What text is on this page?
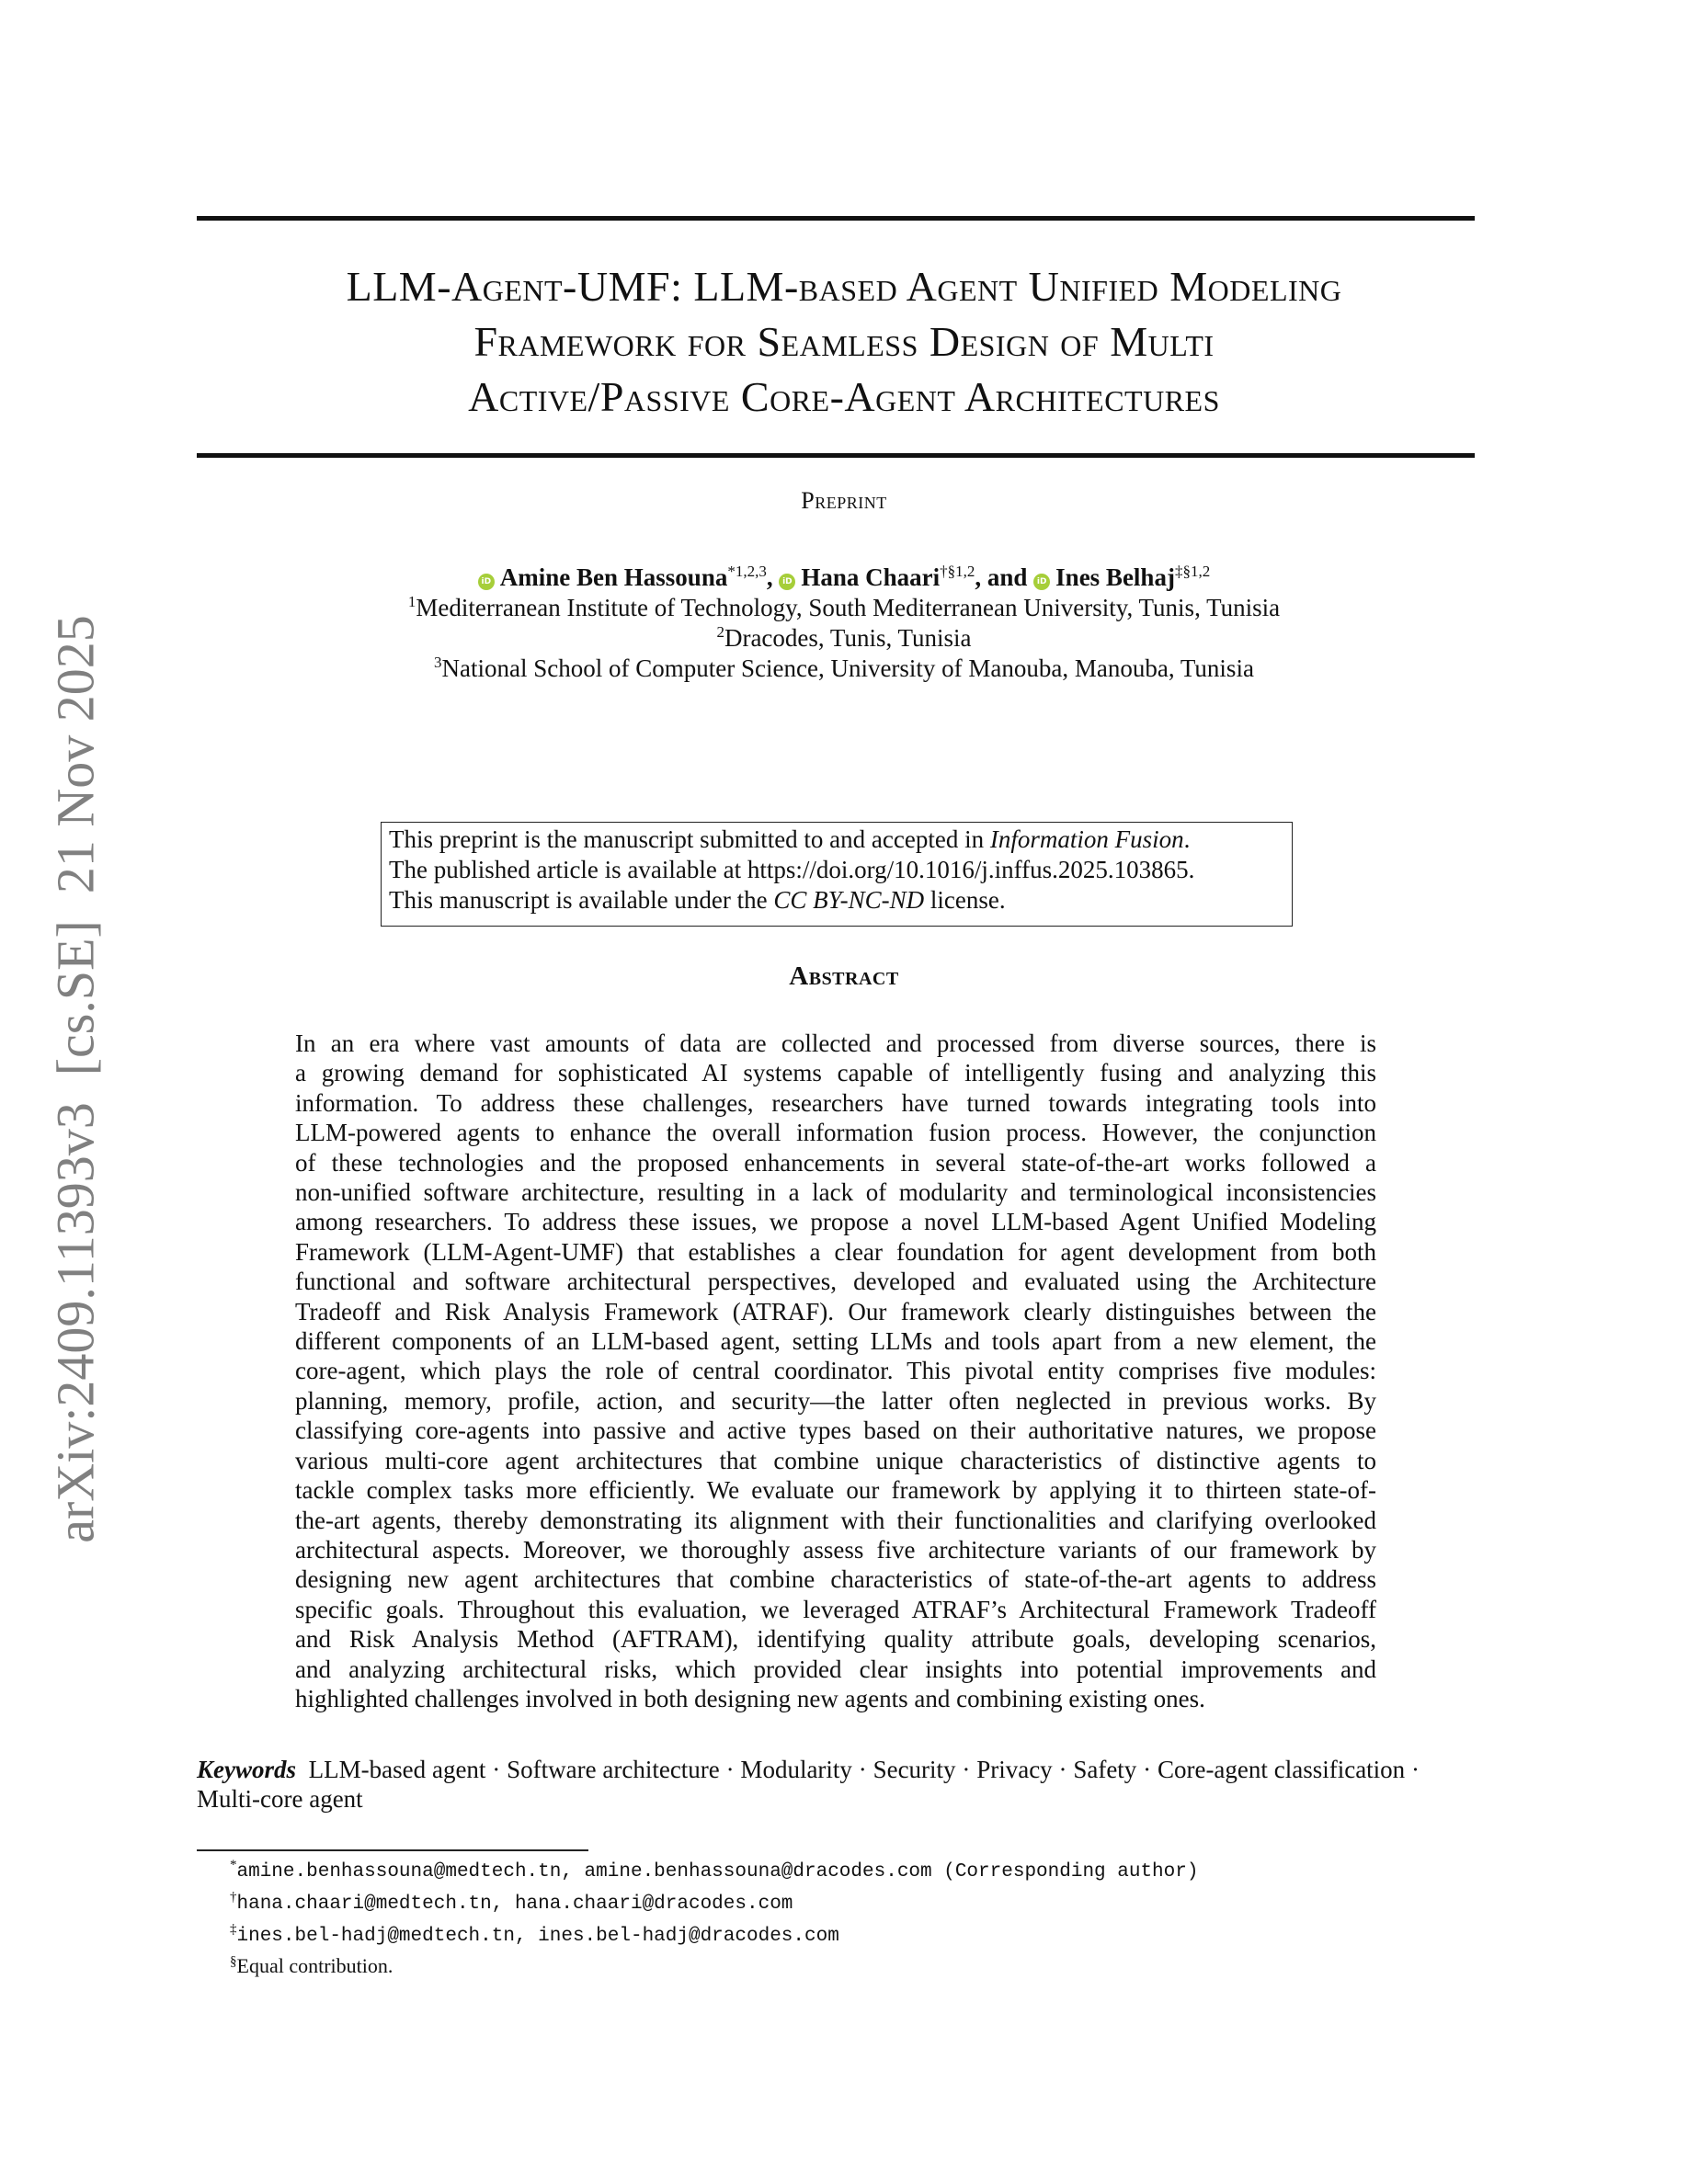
arXiv:2409.11393v3  [cs.SE]  21 Nov 2025
LLM-Agent-UMF: LLM-based Agent Unified Modeling
Framework for Seamless Design of Multi
Active/Passive Core-Agent Architectures
Preprint
iD Amine Ben Hassouna$^{*1,2,3}$, iD Hana Chaari$^{\dagger\S 1,2}$, and iD Ines Belhaj$^{\ddagger\S 1,2}$
$^1$Mediterranean Institute of Technology, South Mediterranean University, Tunis, Tunisia
$^2$Dracodes, Tunis, Tunisia
$^3$National School of Computer Science, University of Manouba, Manouba, Tunisia
This preprint is the manuscript submitted to and accepted in Information Fusion.
The published article is available at https://doi.org/10.1016/j.inffus.2025.103865.
This manuscript is available under the CC BY-NC-ND license.
Abstract
In an era where vast amounts of data are collected and processed from diverse sources, there is
a growing demand for sophisticated AI systems capable of intelligently fusing and analyzing this
information. To address these challenges, researchers have turned towards integrating tools into
LLM-powered agents to enhance the overall information fusion process. However, the conjunction
of these technologies and the proposed enhancements in several state-of-the-art works followed a
non-unified software architecture, resulting in a lack of modularity and terminological inconsistencies
among researchers. To address these issues, we propose a novel LLM-based Agent Unified Modeling
Framework (LLM-Agent-UMF) that establishes a clear foundation for agent development from both
functional and software architectural perspectives, developed and evaluated using the Architecture
Tradeoff and Risk Analysis Framework (ATRAF). Our framework clearly distinguishes between the
different components of an LLM-based agent, setting LLMs and tools apart from a new element, the
core-agent, which plays the role of central coordinator. This pivotal entity comprises five modules:
planning, memory, profile, action, and security—the latter often neglected in previous works. By
classifying core-agents into passive and active types based on their authoritative natures, we propose
various multi-core agent architectures that combine unique characteristics of distinctive agents to
tackle complex tasks more efficiently. We evaluate our framework by applying it to thirteen state-of-
the-art agents, thereby demonstrating its alignment with their functionalities and clarifying overlooked
architectural aspects. Moreover, we thoroughly assess five architecture variants of our framework by
designing new agent architectures that combine characteristics of state-of-the-art agents to address
specific goals. Throughout this evaluation, we leveraged ATRAF’s Architectural Framework Tradeoff
and Risk Analysis Method (AFTRAM), identifying quality attribute goals, developing scenarios,
and analyzing architectural risks, which provided clear insights into potential improvements and
highlighted challenges involved in both designing new agents and combining existing ones.
Keywords LLM-based agent · Software architecture · Modularity · Security · Privacy · Safety · Core-agent classification · Multi-core agent
*amine.benhassouna@medtech.tn, amine.benhassouna@dracodes.com (Corresponding author)
†hana.chaari@medtech.tn, hana.chaari@dracodes.com
‡ines.bel-hadj@medtech.tn, ines.bel-hadj@dracodes.com
§Equal contribution.
